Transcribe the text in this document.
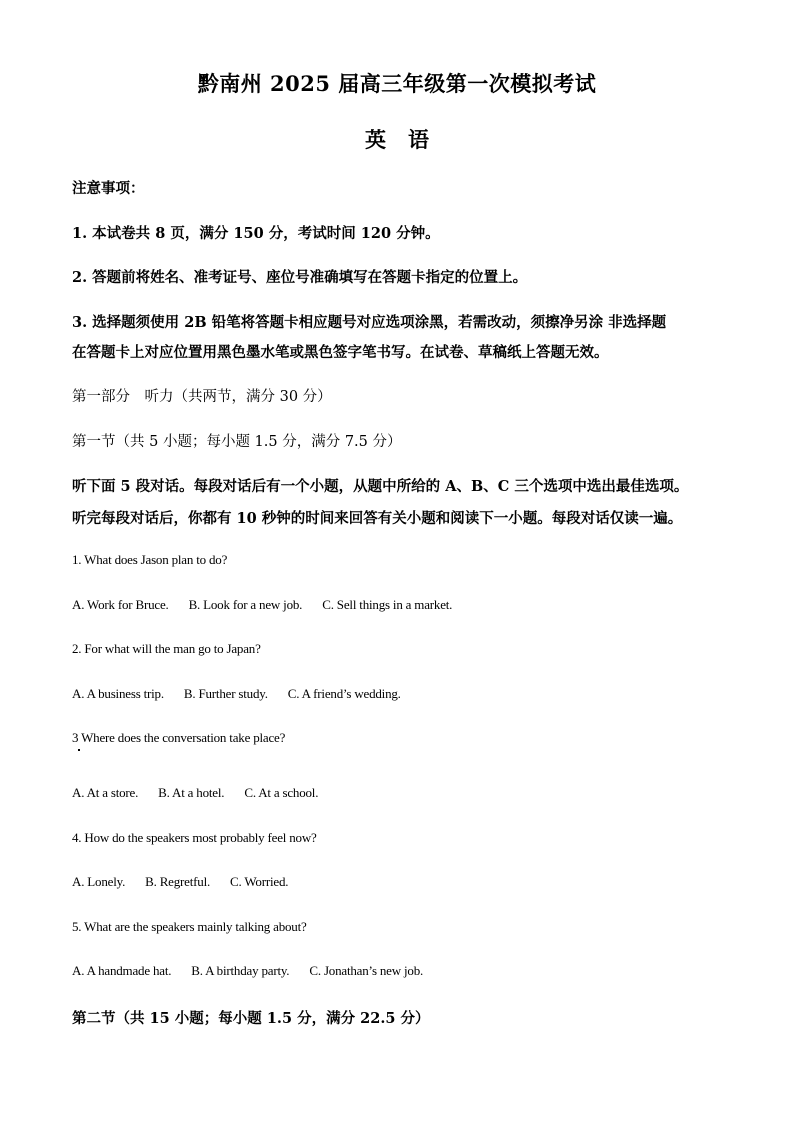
黔南州 2025 届高三年级第一次模拟考试
英 语
注意事项：
1. 本试卷共 8 页，满分 150 分，考试时间 120 分钟。
2. 答题前将姓名、准考证号、座位号准确填写在答题卡指定的位置上。
3. 选择题须使用 2B 铅笔将答题卡相应题号对应选项涂黑，若需改动，须擦净另涂 非选择题
在答题卡上对应位置用黑色墨水笔或黑色签字笔书写。在试卷、草稿纸上答题无效。
第一部分　听力（共两节，满分 30 分）
第一节（共 5 小题；每小题 1.5 分，满分 7.5 分）
听下面 5 段对话。每段对话后有一个小题，从题中所给的 A、B、C 三个选项中选出最佳选项。
听完每段对话后，你都有 10 秒钟的时间来回答有关小题和阅读下一小题。每段对话仅读一遍。
1. What does Jason plan to do?
A. Work for Bruce. B. Look for a new job. C. Sell things in a market.
2. For what will the man go to Japan?
A. A business trip. B. Further study. C. A friend’s wedding.
3 Where does the conversation take place?
A. At a store. B. At a hotel. C. At a school.
4. How do the speakers most probably feel now?
A. Lonely. B. Regretful. C. Worried.
5. What are the speakers mainly talking about?
A. A handmade hat. B. A birthday party. C. Jonathan’s new job.
第二节（共 15 小题；每小题 1.5 分，满分 22.5 分）
